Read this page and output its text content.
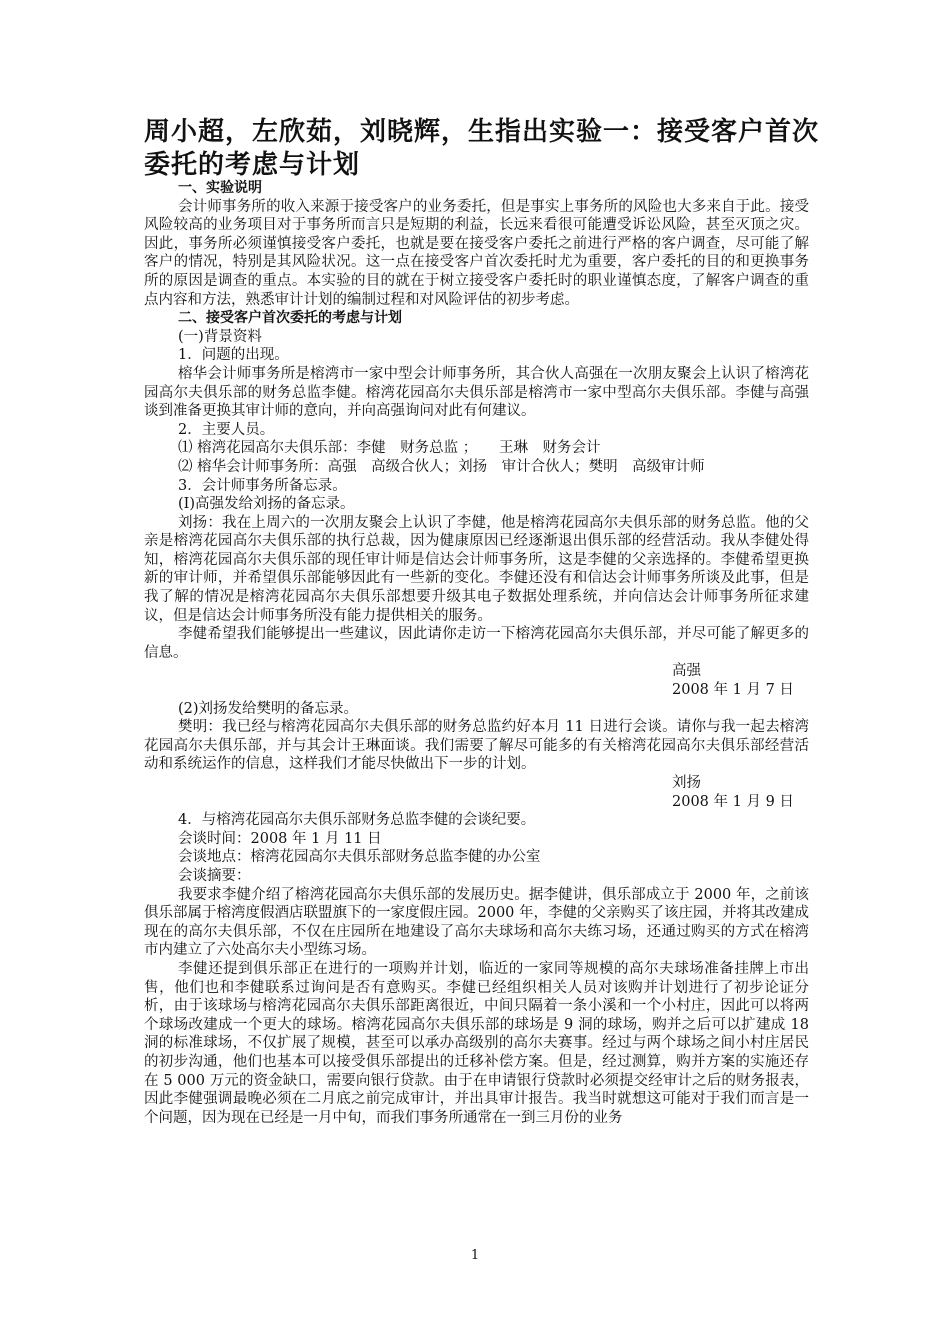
周小超，左欣茹，刘晓辉，生指出实验一：接受客户首次委托的考虑与计划

一、实验说明

会计师事务所的收入来源于接受客户的业务委托，但是事实上事务所的风险也大多来自于此。接受风险较高的业务项目对于事务所而言只是短期的利益，长远来看很可能遭受诉讼风险，甚至灭顶之灾。因此，事务所必须谨慎接受客户委托，也就是要在接受客户委托之前进行严格的客户调查，尽可能了解客户的情况，特别是其风险状况。这一点在接受客户首次委托时尤为重要，客户委托的目的和更换事务所的原因是调查的重点。本实验的目的就在于树立接受客户委托时的职业谨慎态度，了解客户调查的重点内容和方法，熟悉审计计划的编制过程和对风险评估的初步考虑。

二、接受客户首次委托的考虑与计划

(一)背景资料

1．问题的出现。

榕华会计师事务所是榕湾市一家中型会计师事务所，其合伙人高强在一次朋友聚会上认识了榕湾花园高尔夫俱乐部的财务总监李健。榕湾花园高尔夫俱乐部是榕湾市一家中型高尔夫俱乐部。李健与高强谈到准备更换其审计师的意向，并向高强询问对此有何建议。

2．主要人员。

⑴ 榕湾花园高尔夫俱乐部：李健　财务总监 ；　　王琳　财务会计

⑵ 榕华会计师事务所：高强　高级合伙人；刘扬　审计合伙人；樊明　高级审计师

3．会计师事务所备忘录。

(I)高强发给刘扬的备忘录。

刘扬：我在上周六的一次朋友聚会上认识了李健，他是榕湾花园高尔夫俱乐部的财务总监。他的父亲是榕湾花园高尔夫俱乐部的执行总裁，因为健康原因已经逐渐退出俱乐部的经营活动。我从李健处得知，榕湾花园高尔夫俱乐部的现任审计师是信达会计师事务所，这是李健的父亲选择的。李健希望更换新的审计师，并希望俱乐部能够因此有一些新的变化。李健还没有和信达会计师事务所谈及此事，但是我了解的情况是榕湾花园高尔夫俱乐部想要升级其电子数据处理系统，并向信达会计师事务所征求建议，但是信达会计师事务所没有能力提供相关的服务。

李健希望我们能够提出一些建议，因此请你走访一下榕湾花园高尔夫俱乐部，并尽可能了解更多的信息。

高强

2008 年 1 月 7 日

(2)刘扬发给樊明的备忘录。

樊明：我已经与榕湾花园高尔夫俱乐部的财务总监约好本月 11 日进行会谈。请你与我一起去榕湾花园高尔夫俱乐部，并与其会计王琳面谈。我们需要了解尽可能多的有关榕湾花园高尔夫俱乐部经营活动和系统运作的信息，这样我们才能尽快做出下一步的计划。

刘扬

2008 年 1 月 9 日

4．与榕湾花园高尔夫俱乐部财务总监李健的会谈纪要。

会谈时间：2008 年 1 月 11 日

会谈地点：榕湾花园高尔夫俱乐部财务总监李健的办公室

会谈摘要：

我要求李健介绍了榕湾花园高尔夫俱乐部的发展历史。据李健讲，俱乐部成立于 2000 年，之前该俱乐部属于榕湾度假酒店联盟旗下的一家度假庄园。2000 年，李健的父亲购买了该庄园，并将其改建成现在的高尔夫俱乐部，不仅在庄园所在地建设了高尔夫球场和高尔夫练习场，还通过购买的方式在榕湾市内建立了六处高尔夫小型练习场。

李健还提到俱乐部正在进行的一项购并计划，临近的一家同等规模的高尔夫球场准备挂牌上市出售，他们也和李健联系过询问是否有意购买。李健已经组织相关人员对该购并计划进行了初步论证分析，由于该球场与榕湾花园高尔夫俱乐部距离很近，中间只隔着一条小溪和一个小村庄，因此可以将两个球场改建成一个更大的球场。榕湾花园高尔夫俱乐部的球场是 9 洞的球场，购并之后可以扩建成 18 洞的标准球场，不仅扩展了规模，甚至可以承办高级别的高尔夫赛事。经过与两个球场之间小村庄居民的初步沟通，他们也基本可以接受俱乐部提出的迁移补偿方案。但是，经过测算，购并方案的实施还存在 5 000 万元的资金缺口，需要向银行贷款。由于在申请银行贷款时必须提交经审计之后的财务报表，因此李健强调最晚必须在二月底之前完成审计，并出具审计报告。我当时就想这可能对于我们而言是一个问题，因为现在已经是一月中旬，而我们事务所通常在一到三月份的业务

1
